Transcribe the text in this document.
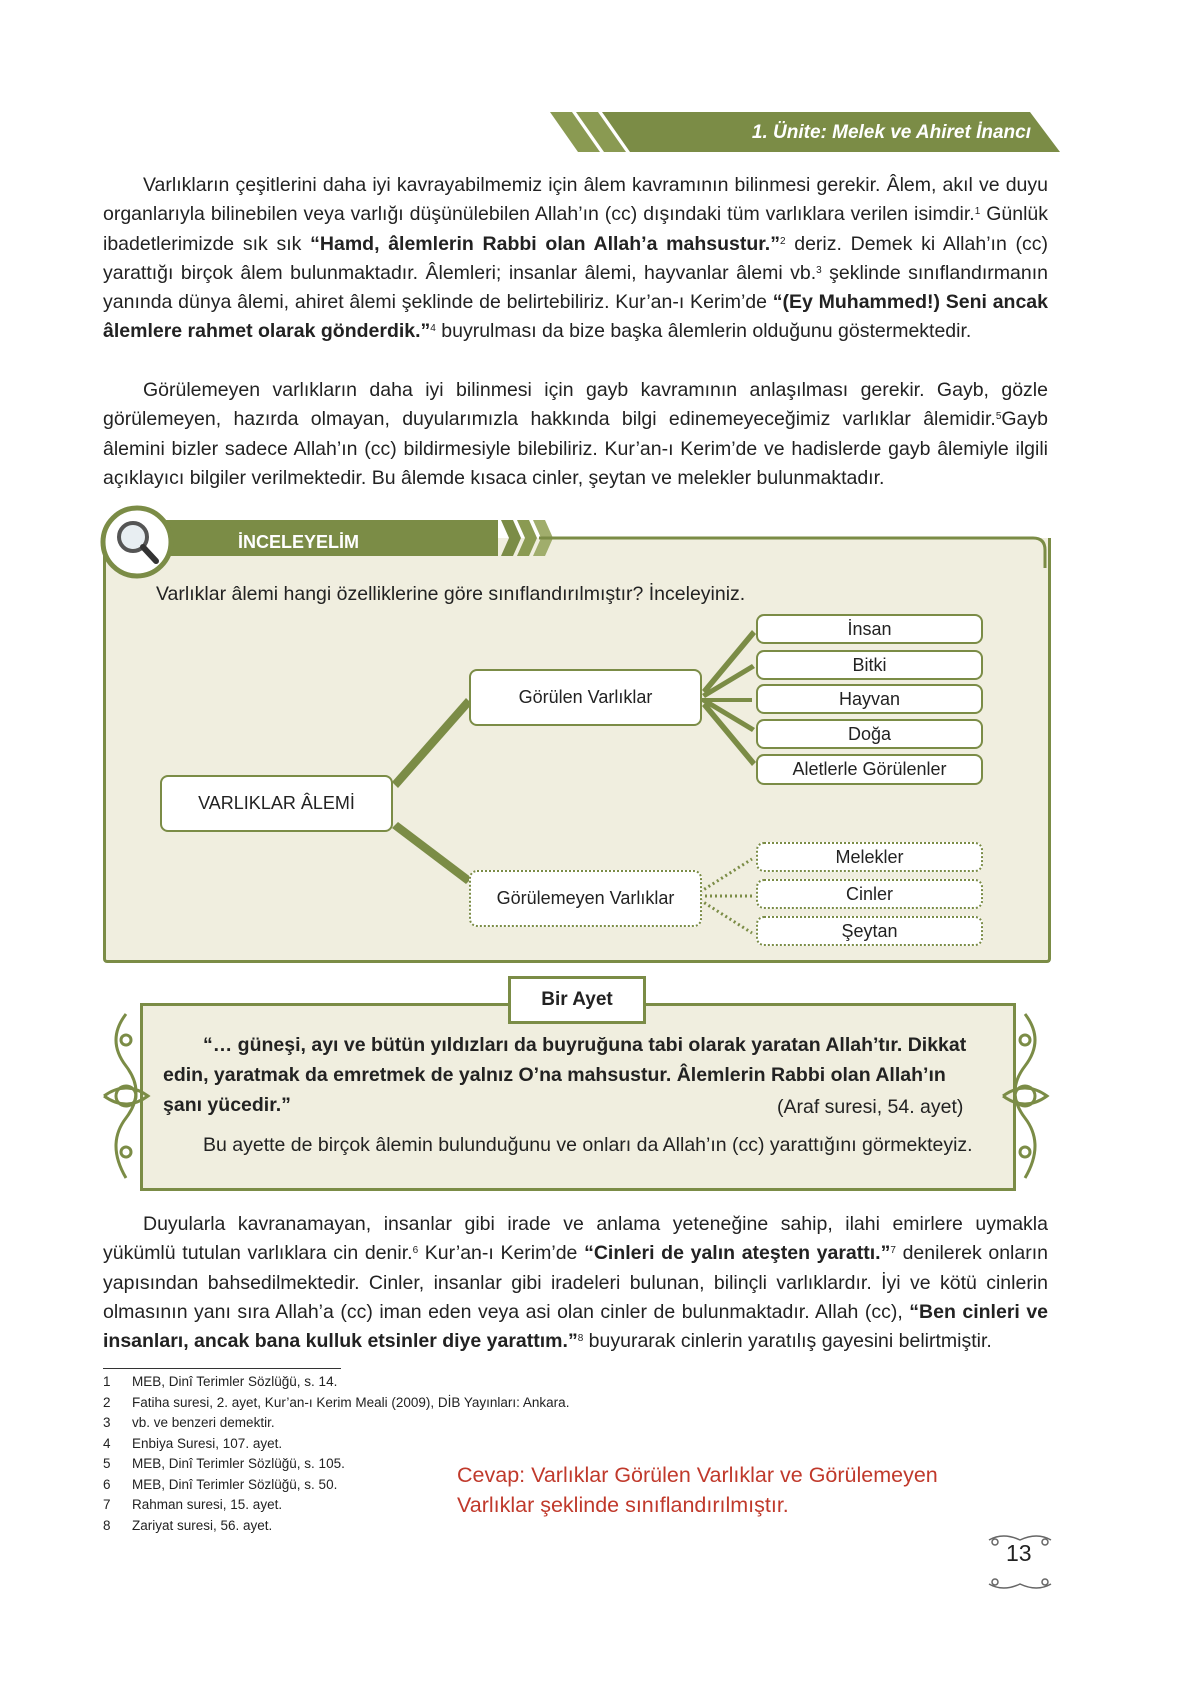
1. Ünite: Melek ve Ahiret İnancı

Varlıkların çeşitlerini daha iyi kavrayabilmemiz için âlem kavramının bilinmesi gerekir. Âlem, akıl ve duyu organlarıyla bilinebilen veya varlığı düşünülebilen Allah’ın (cc) dışındaki tüm varlıklara verilen isimdir.$^1$ Günlük ibadetlerimizde sık sık “Hamd, âlemlerin Rabbi olan Allah’a mahsustur.”$^2$ deriz. Demek ki Allah’ın (cc) yarattığı birçok âlem bulunmaktadır. Âlemleri; insanlar âlemi, hayvanlar âlemi vb.$^3$ şeklinde sınıflandırmanın yanında dünya âlemi, ahiret âlemi şeklinde de belirtebiliriz. Kur’an-ı Kerim’de “(Ey Muhammed!) Seni ancak âlemlere rahmet olarak gönderdik.”$^4$ buyrulması da bize başka âlemlerin olduğunu göstermektedir.

Görülemeyen varlıkların daha iyi bilinmesi için gayb kavramının anlaşılması gerekir. Gayb, gözle görülemeyen, hazırda olmayan, duyularımızla hakkında bilgi edinemeyeceğimiz varlıklar âlemidir.$^5$Gayb âlemini bizler sadece Allah’ın (cc) bildirmesiyle bilebiliriz. Kur’an-ı Kerim’de ve hadislerde gayb âlemiyle ilgili açıklayıcı bilgiler verilmektedir. Bu âlemde kısaca cinler, şeytan ve melekler bulunmaktadır.

İNCELEYELİM
Varlıklar âlemi hangi özelliklerine göre sınıflandırılmıştır? İnceleyiniz.
VARLIKLAR ÂLEMİ
Görülen Varlıklar
Görülemeyen Varlıklar
İnsan
Bitki
Hayvan
Doğa
Aletlerle Görülenler
Melekler
Cinler
Şeytan
Bir Ayet
“… güneşi, ayı ve bütün yıldızları da buyruğuna tabi olarak yaratan Allah’tır. Dikkat edin, yaratmak da emretmek de yalnız O’na mahsustur. Âlemlerin Rabbi olan Allah’ın şanı yücedir.”	(Araf suresi, 54. ayet)
Bu ayette de birçok âlemin bulunduğunu ve onları da Allah’ın (cc) yarattığını görmekteyiz.

Duyularla kavranamayan, insanlar gibi irade ve anlama yeteneğine sahip, ilahi emirlere uymakla yükümlü tutulan varlıklara cin denir.$^6$ Kur’an-ı Kerim’de “Cinleri de yalın ateşten yarattı.”$^7$ denilerek onların yapısından bahsedilmektedir. Cinler, insanlar gibi iradeleri bulunan, bilinçli varlıklardır. İyi ve kötü cinlerin olmasının yanı sıra Allah’a (cc) iman eden veya asi olan cinler de bulunmaktadır. Allah (cc), “Ben cinleri ve insanları, ancak bana kulluk etsinler diye yarattım.”$^8$ buyurarak cinlerin yaratılış gayesini belirtmiştir.

1 MEB, Dinî Terimler Sözlüğü, s. 14.
2 Fatiha suresi, 2. ayet, Kur’an-ı Kerim Meali (2009), DİB Yayınları: Ankara.
3 vb. ve benzeri demektir.
4 Enbiya Suresi, 107. ayet.
5 MEB, Dinî Terimler Sözlüğü, s. 105.
6 MEB, Dinî Terimler Sözlüğü, s. 50.
7 Rahman suresi, 15. ayet.
8 Zariyat suresi, 56. ayet.
Cevap: Varlıklar Görülen Varlıklar ve Görülemeyen
Varlıklar şeklinde sınıflandırılmıştır.
13
